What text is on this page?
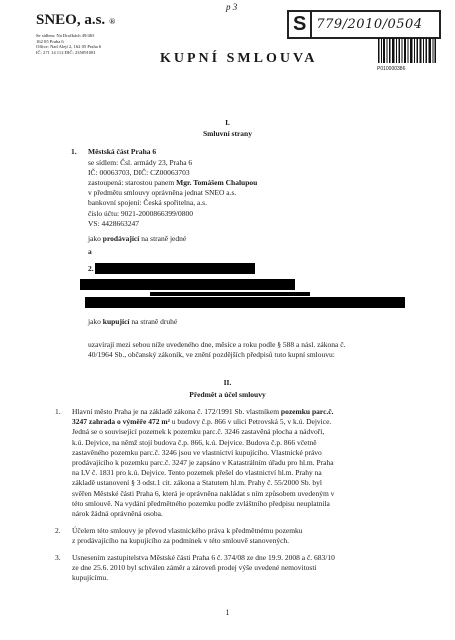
p 3
SNEO, a.s. ®
Se sídlem: Na Dračkách 49/465
162 05 Praha 6
Office: Nad Alejí 2, 162 05 Praha 6
IČ: 271 14 112 DIČ: 235091081	KUPNÍ SMLOUVA
S 779/2010/0504
P010000386
I.
Smluvní strany
1. Městská část Praha 6
se sídlem: Čsl. armády 23, Praha 6
IČ: 00063703, DIČ: CZ00063703
zastoupená: starostou panem Mgr. Tomášem Chalupou
v předmětu smlouvy oprávněna jednat SNEO a.s.
bankovní spojení: Česká spořitelna, a.s.
číslo účtu: 9021-2000866399/0800
VS: 4428663247
jako prodávající na straně jedné
a
2.
jako kupující na straně druhé
uzavírají mezi sebou níže uvedeného dne, měsíce a roku podle § 588 a násl. zákona č.
40/1964 Sb., občanský zákoník, ve znění pozdějších předpisů tuto kupní smlouvu:
II.
Předmět a účel smlouvy
1. Hlavní město Praha je na základě zákona č. 172/1991 Sb. vlastníkem pozemku parc.č.
3247 zahrada o výměře 472 m² u budovy č.p. 866 v ulici Petrovská 5, v k.ú. Dejvice.
Jedná se o související pozemek k pozemku parc.č. 3246 zastavěná plocha a nádvoří,
k.ú. Dejvice, na němž stojí budova č.p. 866, k.ú. Dejvice. Budova č.p. 866 včetně
zastavěného pozemku parc.č. 3246 jsou ve vlastnictví kupujícího. Vlastnické právo
prodávajícího k pozemku parc.č. 3247 je zapsáno v Katastrálním úřadu pro hl.m. Praha
na LV č. 1831 pro k.ú. Dejvice. Tento pozemek přešel do vlastnictví hl.m. Prahy na
základě ustanovení § 3 odst.1 cit. zákona a Statutem hl.m. Prahy č. 55/2000 Sb. byl
svěřen Městské části Praha 6, která je oprávněna nakládat s ním způsobem uvedeným v
této smlouvě. Na vydání předmětného pozemku podle zvláštního předpisu neuplatnila
nárok žádná oprávněná osoba.
2. Účelem této smlouvy je převod vlastnického práva k předmětnému pozemku
z prodávajícího na kupujícího za podmínek v této smlouvě stanovených.
3. Usnesením zastupitelstva Městské části Praha 6 č. 374/08 ze dne 19.9. 2008 a č. 683/10
ze dne 25.6. 2010 byl schválen záměr a zároveň prodej výše uvedené nemovitosti
kupujícímu.
1
